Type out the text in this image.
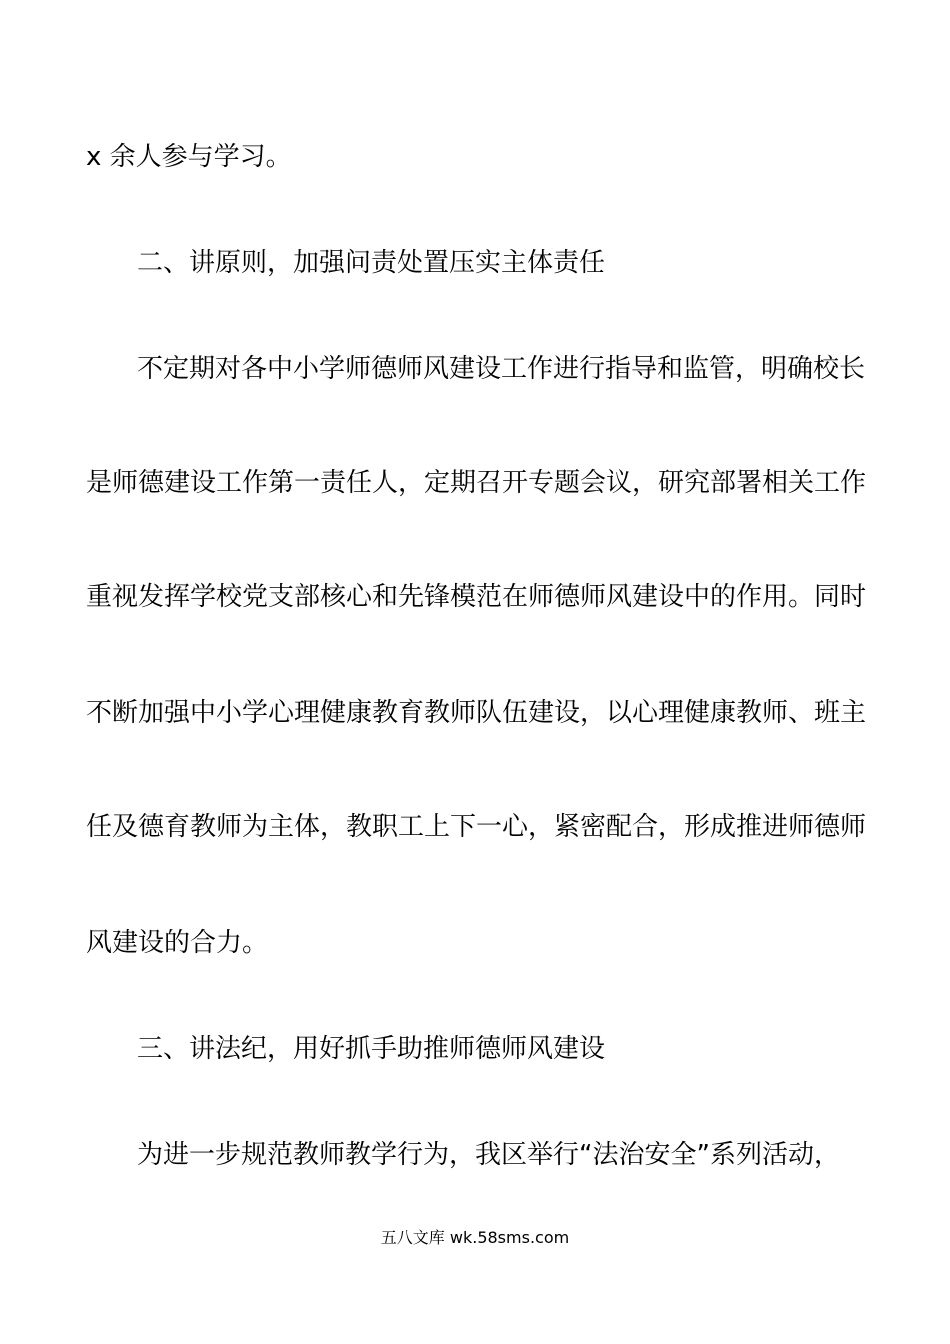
x 余人参与学习。
二、讲原则，加强问责处置压实主体责任
不定期对各中小学师德师风建设工作进行指导和监管，明确校长
是师德建设工作第一责任人，定期召开专题会议，研究部署相关工作
重视发挥学校党支部核心和先锋模范在师德师风建设中的作用。同时
不断加强中小学心理健康教育教师队伍建设，以心理健康教师、班主
任及德育教师为主体，教职工上下一心，紧密配合，形成推进师德师
风建设的合力。
三、讲法纪，用好抓手助推师德师风建设
为进一步规范教师教学行为，我区举行“法治安全”系列活动，
五八文库 wk.58sms.com
